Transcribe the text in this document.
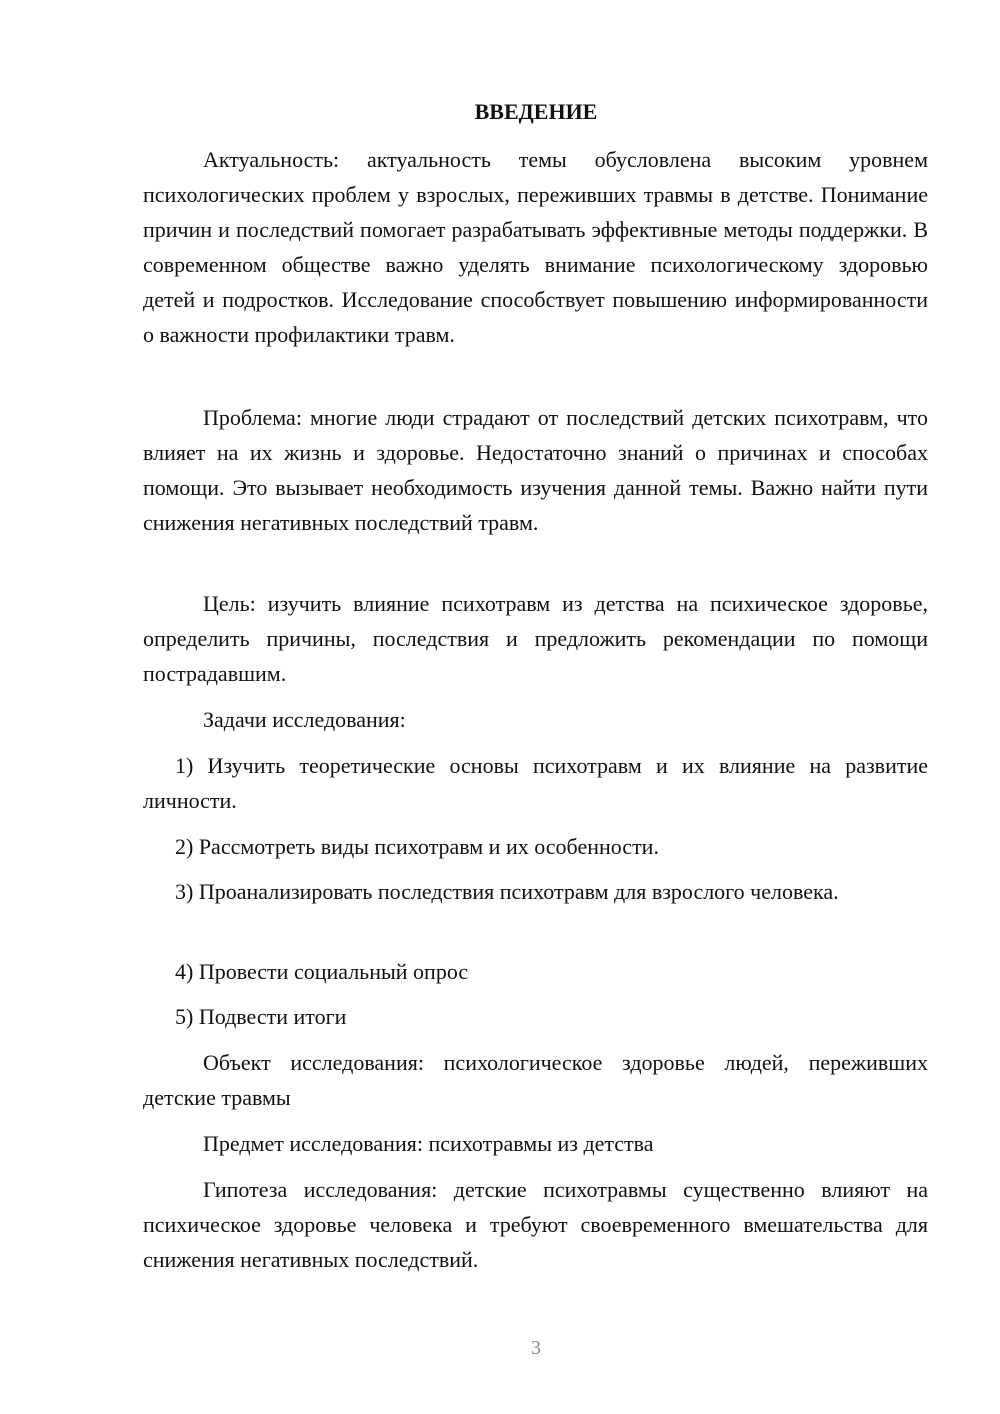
ВВЕДЕНИЕ

Актуальность: актуальность темы обусловлена высоким уровнем психологических проблем у взрослых, переживших травмы в детстве. Понимание причин и последствий помогает разрабатывать эффективные методы поддержки. В современном обществе важно уделять внимание психологическому здоровью детей и подростков. Исследование способствует повышению информированности о важности профилактики травм.

Проблема: многие люди страдают от последствий детских психотравм, что влияет на их жизнь и здоровье. Недостаточно знаний о причинах и способах помощи. Это вызывает необходимость изучения данной темы. Важно найти пути снижения негативных последствий травм.

Цель: изучить влияние психотравм из детства на психическое здоровье, определить причины, последствия и предложить рекомендации по помощи пострадавшим.

Задачи исследования:

1) Изучить теоретические основы психотравм и их влияние на развитие личности.

2) Рассмотреть виды психотравм и их особенности.

3) Проанализировать последствия психотравм для взрослого человека.

4) Провести социальный опрос

5) Подвести итоги

Объект исследования: психологическое здоровье людей, переживших детские травмы

Предмет исследования: психотравмы из детства

Гипотеза исследования: детские психотравмы существенно влияют на психическое здоровье человека и требуют своевременного вмешательства для снижения негативных последствий.

3
